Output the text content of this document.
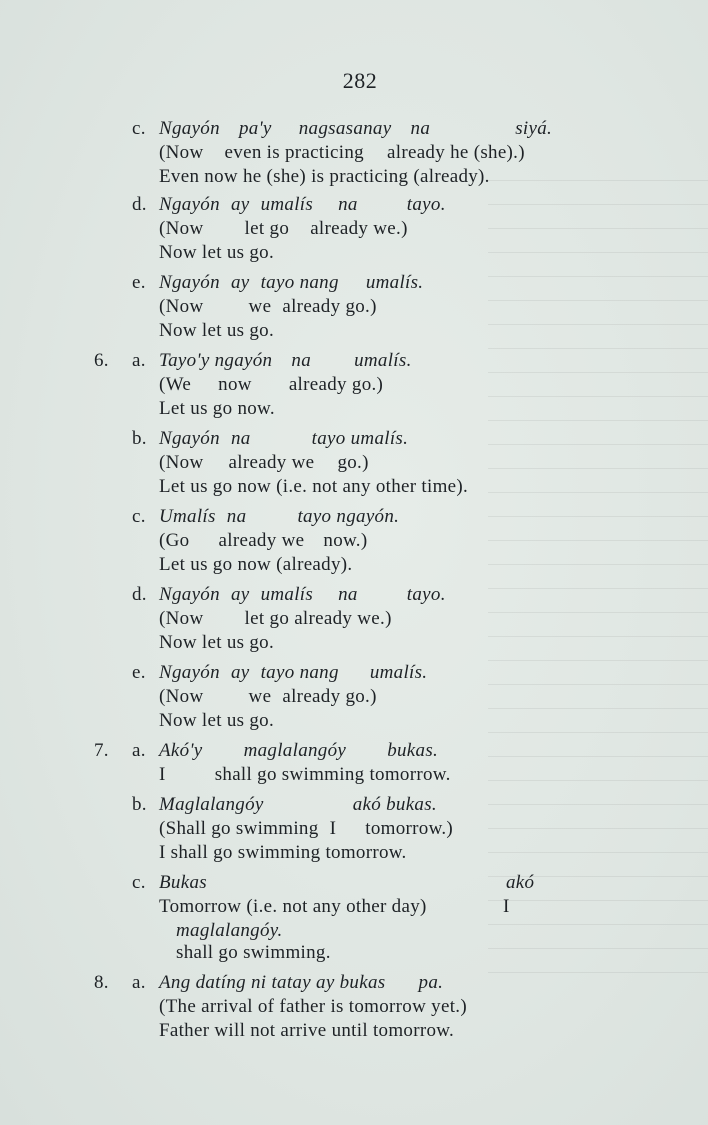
282
c. Ngayón pa'y nagsasanay na	siyá.
(Now even is practicing already he (she).)
Even now he (she) is practicing (already).
d. Ngayón ay umalís na	tayo.
(Now let go already we.)
Now let us go.
e. Ngayón ay tayo nang umalís.
(Now we already go.)
Now let us go.
6. a. Tayo'y ngayón na umalís.
(We now already go.)
Let us go now.
b. Ngayón na	tayo umalís.
(Now already we go.)
Let us go now (i.e. not any other time).
c. Umalís na	tayo ngayón.
(Go already we now.)
Let us go now (already).
d. Ngayón ay umalís na	tayo.
(Now let go already we.)
Now let us go.
e. Ngayón ay tayo nang umalís.
(Now we already go.)
Now let us go.
7. a. Akó'y maglalangóy bukas.
I	shall go swimming tomorrow.
b. Maglalangóy	akó bukas.
(Shall go swimming I tomorrow.)
I shall go swimming tomorrow.
c. Bukas	akó
Tomorrow (i.e. not any other day)	I
maglalangóy.
shall go swimming.
8. a. Ang datíng ni tatay ay bukas pa.
(The arrival of father is tomorrow yet.)
Father will not arrive until tomorrow.
